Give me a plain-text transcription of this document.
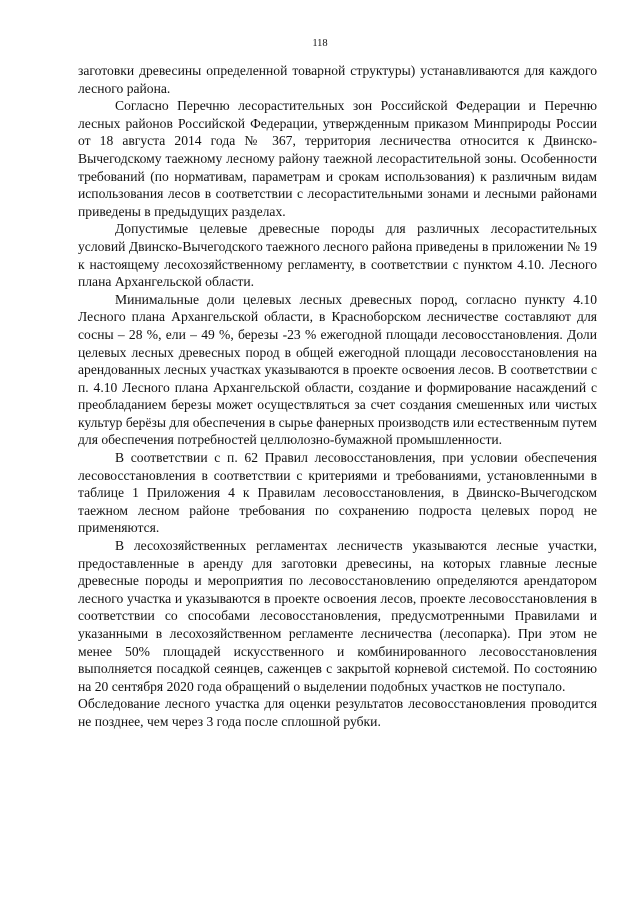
118

заготовки древесины определенной товарной структуры) устанавливаются для каждого лесного района.

Согласно Перечню лесорастительных зон Российской Федерации и Перечню лесных районов Российской Федерации, утвержденным приказом Минприроды России от 18 августа 2014 года № 367, территория лесничества относится к Двинско-Вычегодскому таежному лесному району таежной лесорастительной зоны. Особенности требований (по нормативам, параметрам и срокам использования) к различным видам использования лесов в соответствии с лесорастительными зонами и лесными районами приведены в предыдущих разделах.

Допустимые целевые древесные породы для различных лесорастительных условий Двинско-Вычегодского таежного лесного района приведены в приложении № 19 к настоящему лесохозяйственному регламенту, в соответствии с пунктом 4.10. Лесного плана Архангельской области.

Минимальные доли целевых лесных древесных пород, согласно пункту 4.10 Лесного плана Архангельской области, в Красноборском лесничестве составляют для сосны – 28 %, ели – 49 %, березы -23 % ежегодной площади лесовосстановления. Доли целевых лесных древесных пород в общей ежегодной площади лесовосстановления на арендованных лесных участках указываются в проекте освоения лесов. В соответствии с п. 4.10 Лесного плана Архангельской области, создание и формирование насаждений с преобладанием березы может осуществляться за счет создания смешенных или чистых культур берёзы для обеспечения в сырье фанерных производств или естественным путем для обеспечения потребностей целлюлозно-бумажной промышленности.

В соответствии с п. 62 Правил лесовосстановления, при условии обеспечения лесовосстановления в соответствии с критериями и требованиями, установленными в таблице 1 Приложения 4 к Правилам лесовосстановления, в Двинско-Вычегодском таежном лесном районе требования по сохранению подроста целевых пород не применяются.

В лесохозяйственных регламентах лесничеств указываются лесные участки, предоставленные в аренду для заготовки древесины, на которых главные лесные древесные породы и мероприятия по лесовосстановлению определяются арендатором лесного участка и указываются в проекте освоения лесов, проекте лесовосстановления в соответствии со способами лесовосстановления, предусмотренными Правилами и указанными в лесохозяйственном регламенте лесничества (лесопарка). При этом не менее 50% площадей искусственного и комбинированного лесовосстановления выполняется посадкой сеянцев, саженцев с закрытой корневой системой. По состоянию на 20 сентября 2020 года обращений о выделении подобных участков не поступало.

Обследование лесного участка для оценки результатов лесовосстановления проводится не позднее, чем через 3 года после сплошной рубки.
